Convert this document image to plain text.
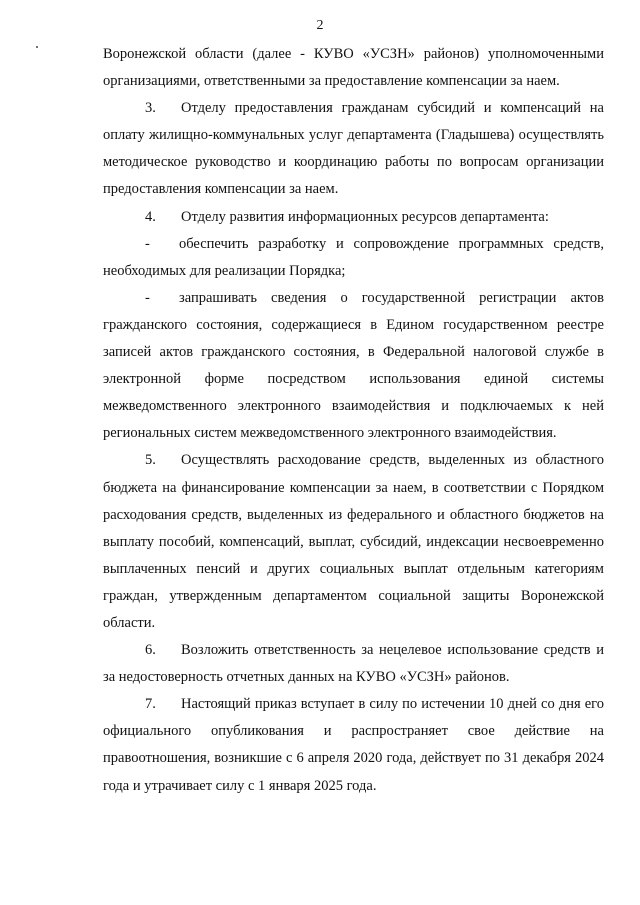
2

Воронежской области (далее - КУВО «УСЗН» районов) уполномоченными организациями, ответственными за предоставление компенсации за наем.

3. Отделу предоставления гражданам субсидий и компенсаций на оплату жилищно-коммунальных услуг департамента (Гладышева) осуществлять методическое руководство и координацию работы по вопросам организации предоставления компенсации за наем.

4. Отделу развития информационных ресурсов департамента:

- обеспечить разработку и сопровождение программных средств, необходимых для реализации Порядка;

- запрашивать сведения о государственной регистрации актов гражданского состояния, содержащиеся в Едином государственном реестре записей актов гражданского состояния, в Федеральной налоговой службе в электронной форме посредством использования единой системы межведомственного электронного взаимодействия и подключаемых к ней региональных систем межведомственного электронного взаимодействия.

5. Осуществлять расходование средств, выделенных из областного бюджета на финансирование компенсации за наем, в соответствии с Порядком расходования средств, выделенных из федерального и областного бюджетов на выплату пособий, компенсаций, выплат, субсидий, индексации несвоевременно выплаченных пенсий и других социальных выплат отдельным категориям граждан, утвержденным департаментом социальной защиты Воронежской области.

6. Возложить ответственность за нецелевое использование средств и за недостоверность отчетных данных на КУВО «УСЗН» районов.

7. Настоящий приказ вступает в силу по истечении 10 дней со дня его официального опубликования и распространяет свое действие на правоотношения, возникшие с 6 апреля 2020 года, действует по 31 декабря 2024 года и утрачивает силу с 1 января 2025 года.
